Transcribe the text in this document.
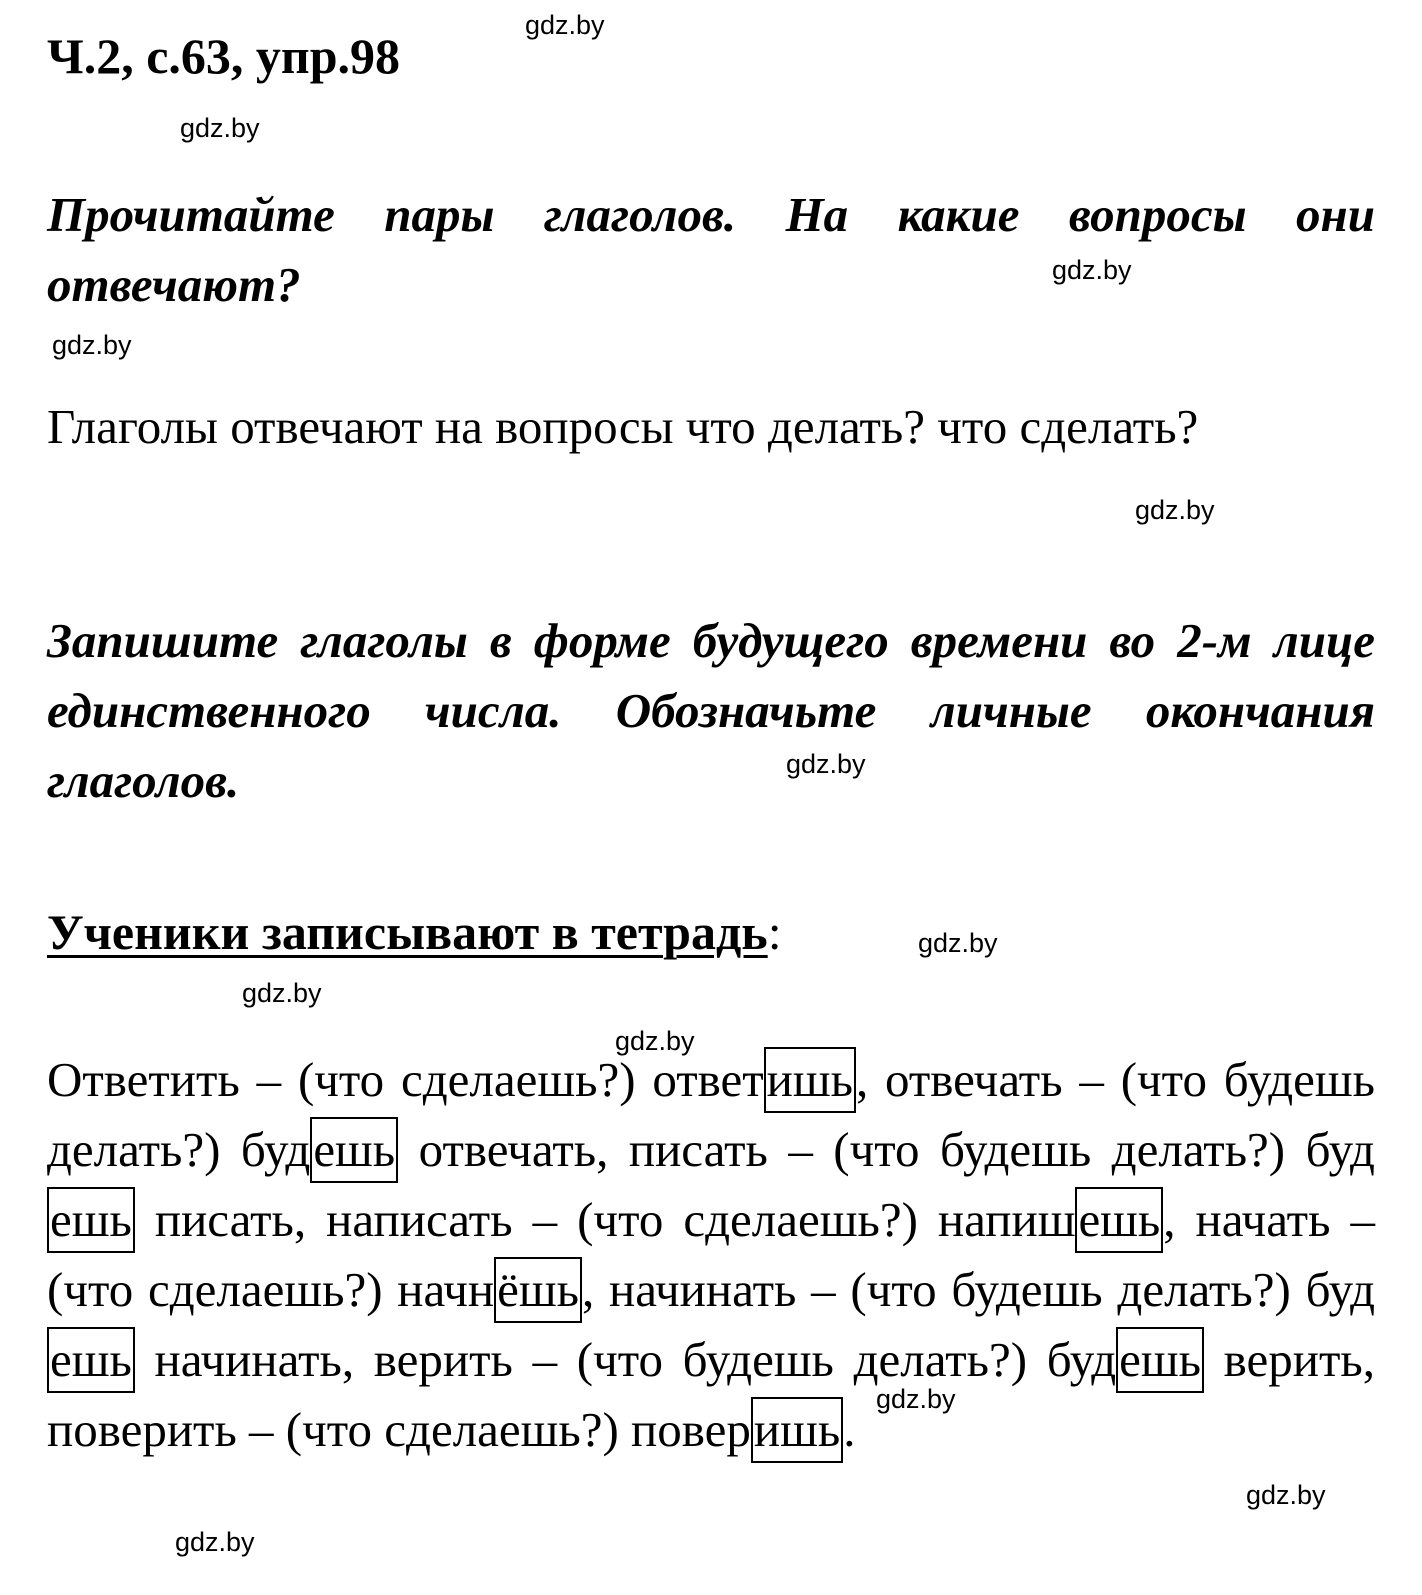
Ч.2, с.63, упр.98
Прочитайте пары глаголов. На какие вопросы они отвечают?
Глаголы отвечают на вопросы что делать? что сделать?
Запишите глаголы в форме будущего времени во 2-м лице единственного числа. Обозначьте личные окончания глаголов.
Ученики записывают в тетрадь:
Ответить – (что сделаешь?) ответишь, отвечать – (что будешь делать?) будешь отвечать, писать – (что будешь делать?) будешь писать, написать – (что сделаешь?) напишешь, начать – (что сделаешь?) начнёшь, начинать – (что будешь делать?) будешь начинать, верить – (что будешь делать?) будешь верить, поверить – (что сделаешь?) поверишь.
gdz.by
gdz.by
gdz.by
gdz.by
gdz.by
gdz.by
gdz.by
gdz.by
gdz.by
gdz.by
gdz.by
gdz.by
